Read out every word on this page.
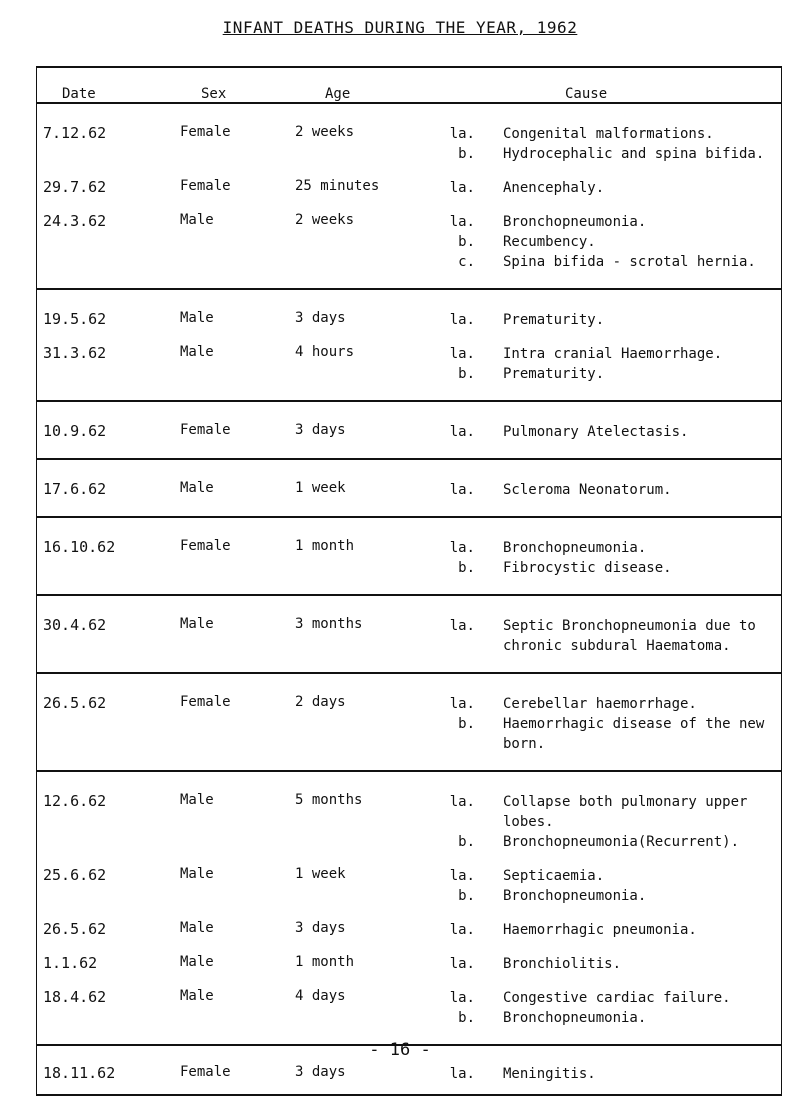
INFANT DEATHS DURING THE YEAR, 1962
Date	Sex	Age	Cause
7.12.62	Female	2 weeks	la. Congenital malformations.
b. Hydrocephalic and spina bifida.
29.7.62	Female	25 minutes	la. Anencephaly.
24.3.62	Male	2 weeks	la. Bronchopneumonia.
b. Recumbency.
c. Spina bifida - scrotal hernia.
19.5.62	Male	3 days	la. Prematurity.
31.3.62	Male	4 hours	la. Intra cranial Haemorrhage.
b. Prematurity.
10.9.62	Female	3 days	la. Pulmonary Atelectasis.
17.6.62	Male	1 week	la. Scleroma Neonatorum.
16.10.62	Female	1 month	la. Bronchopneumonia.
b. Fibrocystic disease.
30.4.62	Male	3 months	la. Septic Bronchopneumonia due to chronic subdural Haematoma.
26.5.62	Female	2 days	la. Cerebellar haemorrhage.
b. Haemorrhagic disease of the new born.
12.6.62	Male	5 months	la. Collapse both pulmonary upper lobes.
b. Bronchopneumonia(Recurrent).
25.6.62	Male	1 week	la. Septicaemia.
b. Bronchopneumonia.
26.5.62	Male	3 days	la. Haemorrhagic pneumonia.
1.1.62	Male	1 month	la. Bronchiolitis.
18.4.62	Male	4 days	la. Congestive cardiac failure.
b. Bronchopneumonia.
18.11.62	Female	3 days	la. Meningitis.
- 16 -
